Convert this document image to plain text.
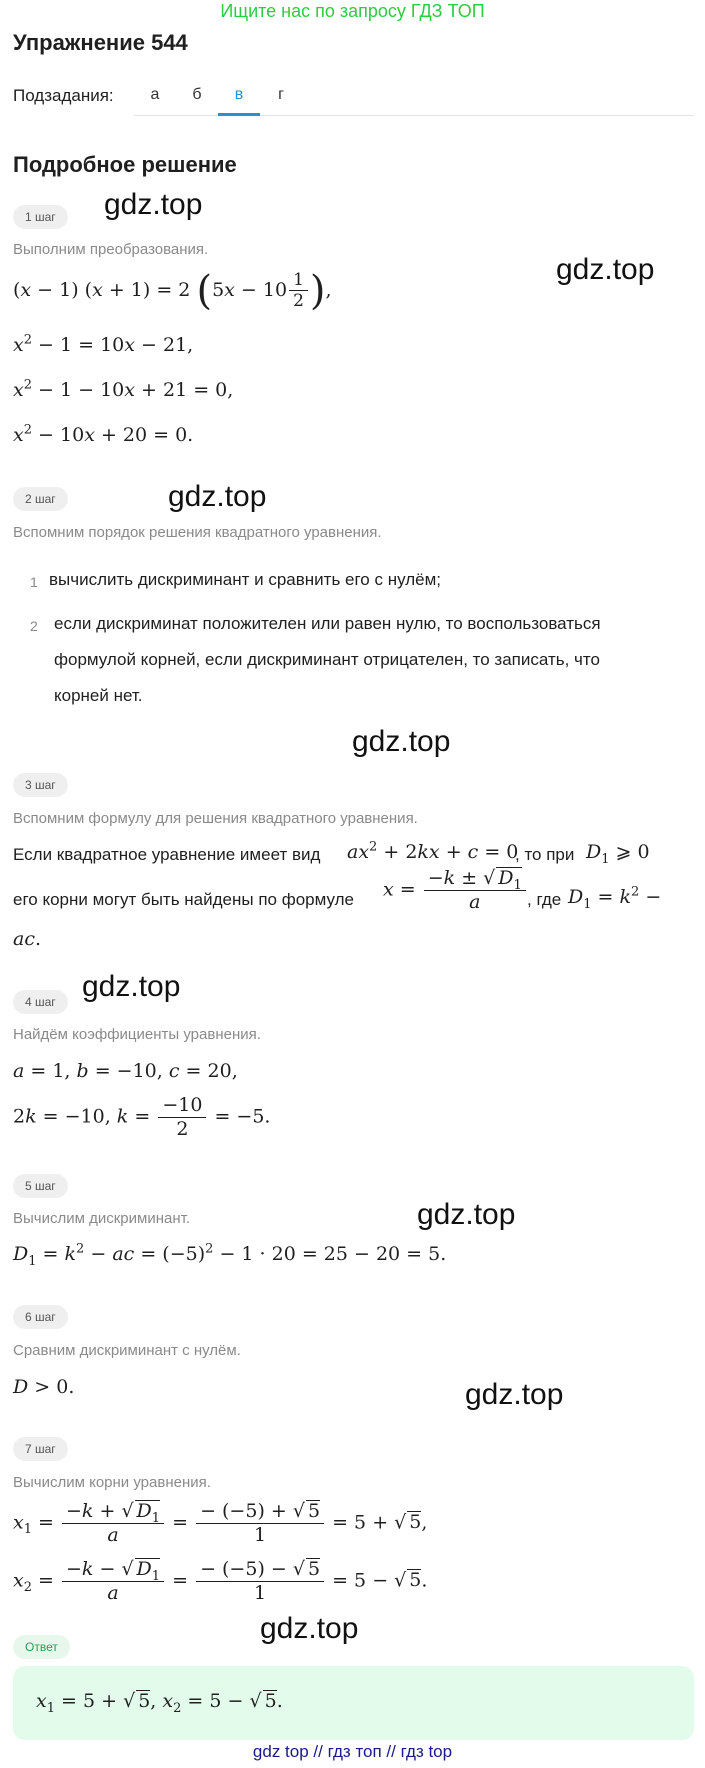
Ищите нас по запросу ГДЗ ТОП
Упражнение 544
Подзадания:	а	б	в	г
Подробное решение
1 шаг	gdz.top
Выполним преобразования.
gdz.top
(x − 1) (x + 1) = 2 ($5x - 10 \frac{1}{2}$ ),
$x^2 - 1 = 10x - 21$,
$x^2 - 1 - 10x + 21 = 0$,
$x^2 - 10x + 20 = 0$.
2 шаг	gdz.top
Вспомним порядок решения квадратного уравнения.
1 вычислить дискриминант и сравнить его с нулём;
2 если дискриминат положителен или равен нулю, то воспользоваться
формулой корней, если дискриминант отрицателен, то записать, что
корней нет.
gdz.top
3 шаг
Вспомним формулу для решения квадратного уравнения.
Если квадратное уравнение имеет вид $ax^2 + 2kx + c = 0$
, то при $D_1$ ⩾ 0
его корни могут быть найдены по формуле $x = \frac{-k \pm √ D_1}{a}$ , где $D_1 = k^2$ −
ac.
4 шаг gdz.top
Найдём коэффициенты уравнения.
a = 1, b = −10, c = 20,
2k = −10, $k = \frac{-10}{2} = -5$.
5 шаг
gdz.top
Вычислим дискриминант.
$D_1 = k^2$ − ac = $(-5)^2 - 1 \cdot 20 = 25 - 20 = 5$.
6 шаг
Сравним дискриминант с нулём.
D > 0.	gdz.top
7 шаг
Вычислим корни уравнения.
$x_1 = \frac{-k + √ D_1}{a} = \frac{- (-5) + √ 5}{1} = 5$ + √ 5,
$x_2 = \frac{-k - √ D_1}{a} = \frac{- (-5) - √ 5}{1} = 5$ − √ 5.
gdz.top
Ответ
$x_1 = 5$ + √ 5, $x_2 = 5$ − √ 5.
gdz top // гдз топ // гдз top
